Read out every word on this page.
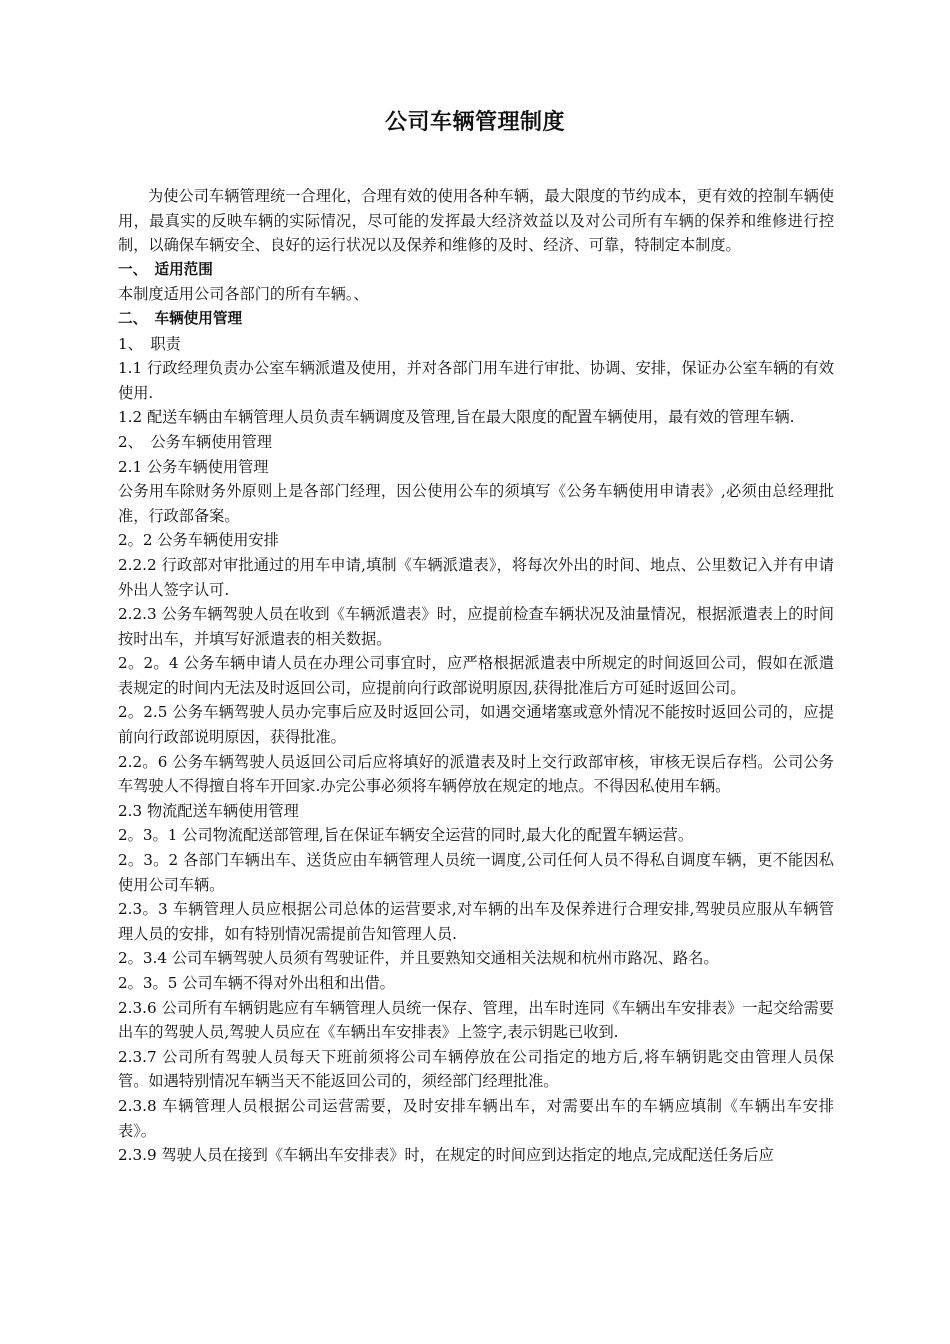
公司车辆管理制度

为使公司车辆管理统一合理化，合理有效的使用各种车辆，最大限度的节约成本，更有效的控制车辆使用，最真实的反映车辆的实际情况，尽可能的发挥最大经济效益以及对公司所有车辆的保养和维修进行控制，以确保车辆安全、良好的运行状况以及保养和维修的及时、经济、可靠，特制定本制度。

一、　适用范围

本制度适用公司各部门的所有车辆。、

二、　车辆使用管理

1、　职责

1.1 行政经理负责办公室车辆派遣及使用，并对各部门用车进行审批、协调、安排，保证办公室车辆的有效使用.

1.2 配送车辆由车辆管理人员负责车辆调度及管理,旨在最大限度的配置车辆使用，最有效的管理车辆.

2、　公务车辆使用管理

2.1 公务车辆使用管理

公务用车除财务外原则上是各部门经理，因公使用公车的须填写《公务车辆使用申请表》,必须由总经理批准，行政部备案。

2。2 公务车辆使用安排

2.2.2 行政部对审批通过的用车申请,填制《车辆派遣表》，将每次外出的时间、地点、公里数记入并有申请外出人签字认可.

2.2.3 公务车辆驾驶人员在收到《车辆派遣表》时，应提前检查车辆状况及油量情况，根据派遣表上的时间按时出车，并填写好派遣表的相关数据。

2。2。4 公务车辆申请人员在办理公司事宜时，应严格根据派遣表中所规定的时间返回公司，假如在派遣表规定的时间内无法及时返回公司，应提前向行政部说明原因,获得批准后方可延时返回公司。

2。2.5 公务车辆驾驶人员办完事后应及时返回公司，如遇交通堵塞或意外情况不能按时返回公司的，应提前向行政部说明原因，获得批准。

2.2。6 公务车辆驾驶人员返回公司后应将填好的派遣表及时上交行政部审核，审核无误后存档。公司公务车驾驶人不得擅自将车开回家.办完公事必须将车辆停放在规定的地点。不得因私使用车辆。

2.3 物流配送车辆使用管理

2。3。1 公司物流配送部管理,旨在保证车辆安全运营的同时,最大化的配置车辆运营。

2。3。2 各部门车辆出车、送货应由车辆管理人员统一调度,公司任何人员不得私自调度车辆，更不能因私使用公司车辆。

2.3。3 车辆管理人员应根据公司总体的运营要求,对车辆的出车及保养进行合理安排,驾驶员应服从车辆管理人员的安排，如有特别情况需提前告知管理人员.

2。3.4 公司车辆驾驶人员须有驾驶证件，并且要熟知交通相关法规和杭州市路况、路名。

2。3。5 公司车辆不得对外出租和出借。

2.3.6 公司所有车辆钥匙应有车辆管理人员统一保存、管理，出车时连同《车辆出车安排表》一起交给需要出车的驾驶人员,驾驶人员应在《车辆出车安排表》上签字,表示钥匙已收到.

2.3.7 公司所有驾驶人员每天下班前须将公司车辆停放在公司指定的地方后,将车辆钥匙交由管理人员保管。如遇特别情况车辆当天不能返回公司的，须经部门经理批准。

2.3.8 车辆管理人员根据公司运营需要，及时安排车辆出车，对需要出车的车辆应填制《车辆出车安排表》。

2.3.9 驾驶人员在接到《车辆出车安排表》时，在规定的时间应到达指定的地点,完成配送任务后应
